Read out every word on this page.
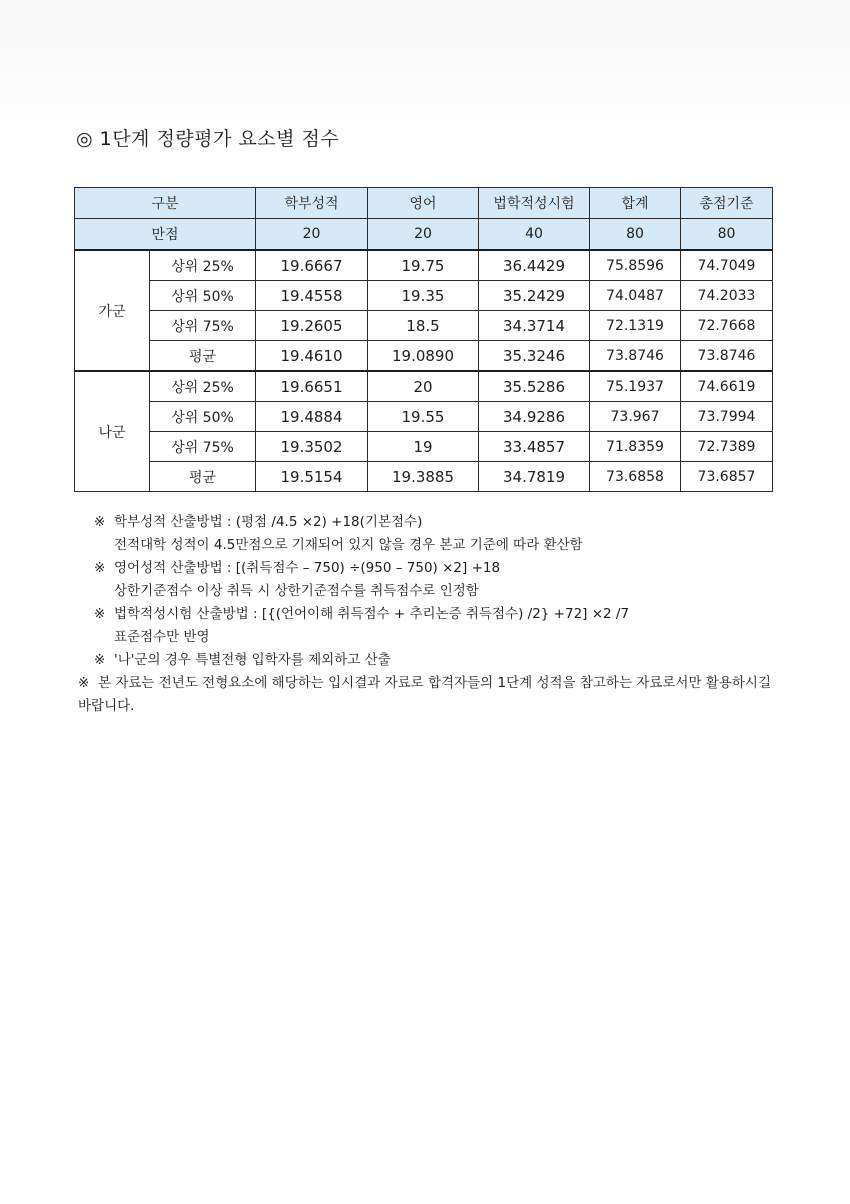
◎ 1단계 정량평가 요소별 점수
구분		학부성적	영어	법학적성시험	합계	총점기준
만점		20	20	40	80	80
가군	상위 25%	19.6667	19.75	36.4429	75.8596	74.7049
	상위 50%	19.4558	19.35	35.2429	74.0487	74.2033
	상위 75%	19.2605	18.5	34.3714	72.1319	72.7668
	평균	19.4610	19.0890	35.3246	73.8746	73.8746
나군	상위 25%	19.6651	20	35.5286	75.1937	74.6619
	상위 50%	19.4884	19.55	34.9286	73.967	73.7994
	상위 75%	19.3502	19	33.4857	71.8359	72.7389
	평균	19.5154	19.3885	34.7819	73.6858	73.6857
※ 학부성적 산출방법 : (평점 /4.5 ×2) +18(기본점수)
전적대학 성적이 4.5만점으로 기재되어 있지 않을 경우 본교 기준에 따라 환산함
※ 영어성적 산출방법 : [(취득점수 – 750) ÷(950 – 750) ×2] +18
상한기준점수 이상 취득 시 상한기준점수를 취득점수로 인정함
※ 법학적성시험 산출방법 : [{(언어이해 취득점수 + 추리논증 취득점수) /2} +72] ×2 /7
표준점수만 반영
※ '나'군의 경우 특별전형 입학자를 제외하고 산출
※ 본 자료는 전년도 전형요소에 해당하는 입시결과 자료로 합격자들의 1단계 성적을 참고하는 자료로서만 활용하시길 바랍니다.
